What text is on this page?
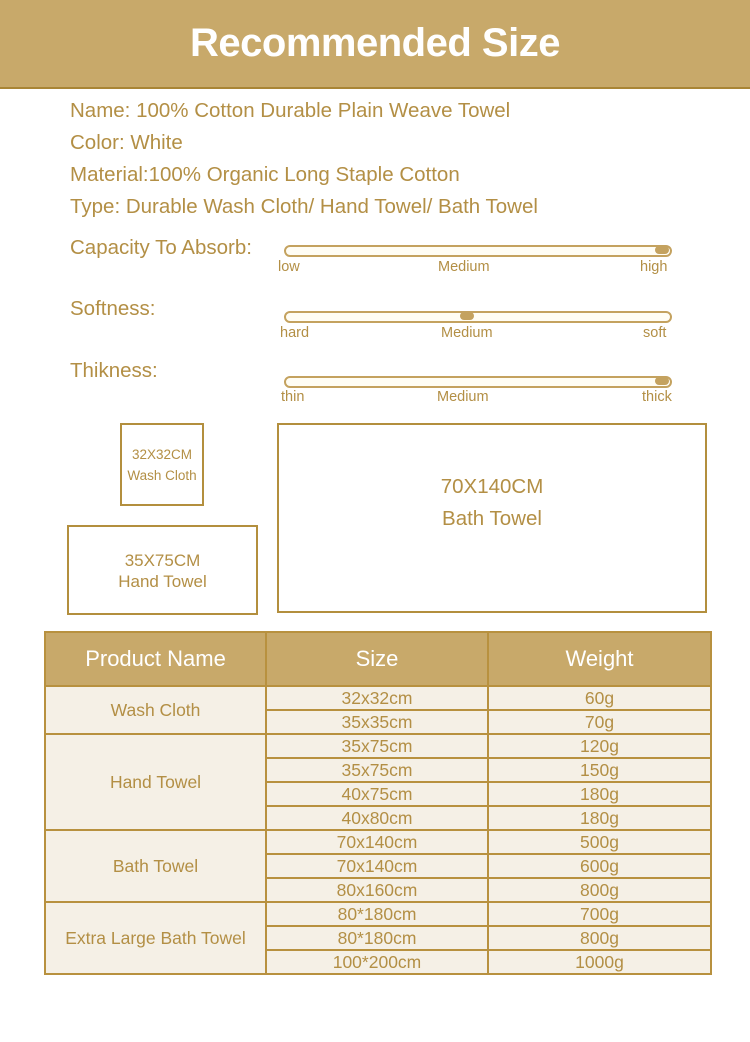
Recommended Size
Name: 100% Cotton Durable Plain Weave Towel
Color: White
Material:100% Organic Long Staple Cotton
Type: Durable Wash Cloth/ Hand Towel/ Bath Towel
Capacity To Absorb:
low	Medium	high
Softness:
hard	Medium	soft
Thikness:
thin	Medium	thick
32X32CM
Wash Cloth
35X75CM
Hand Towel
70X140CM
Bath Towel
Product Name	Size	Weight
Wash Cloth	32x32cm	60g
	35x35cm	70g
Hand Towel	35x75cm	120g
	35x75cm	150g
	40x75cm	180g
	40x80cm	180g
Bath Towel	70x140cm	500g
	70x140cm	600g
	80x160cm	800g
Extra Large Bath Towel	80*180cm	700g
	80*180cm	800g
	100*200cm	1000g
